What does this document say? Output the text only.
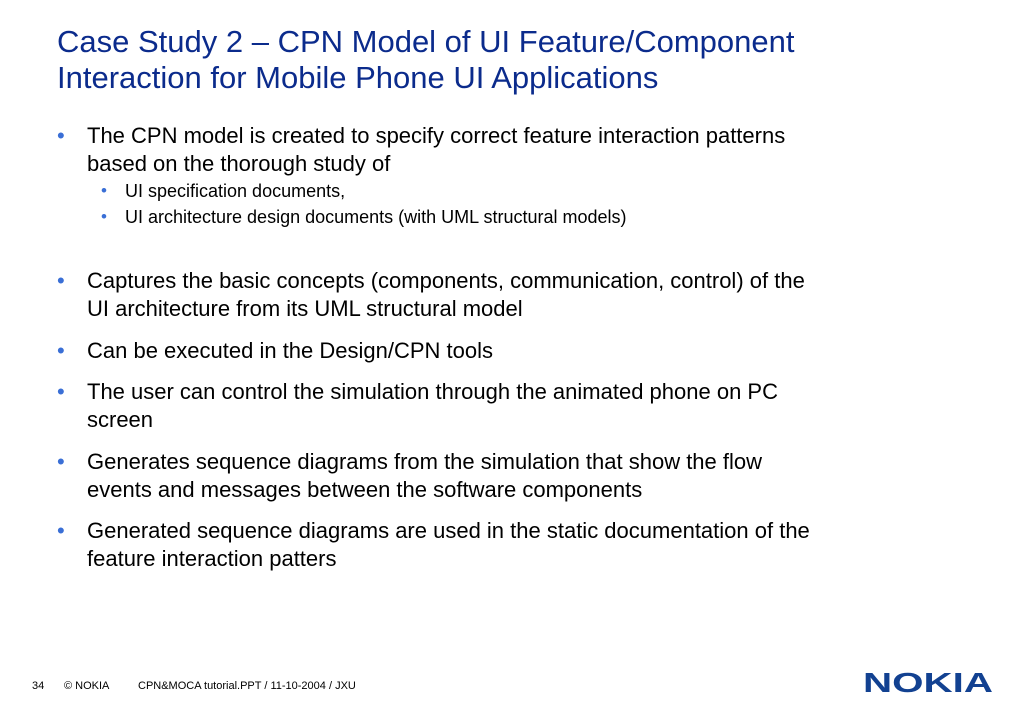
Case Study 2 – CPN Model of UI Feature/Component
Interaction for Mobile Phone UI Applications
•	The CPN model is created to specify correct feature interaction patterns
based on the thorough study of
• UI specification documents,
• UI architecture design documents (with UML structural models)
•	Captures the basic concepts (components, communication, control) of the
UI architecture from its UML structural model
•	Can be executed in the Design/CPN tools
•	The user can control the simulation through the animated phone on PC
screen
•	Generates sequence diagrams from the simulation that show the flow
events and messages between the software components
•	Generated sequence diagrams are used in the static documentation of the
feature interaction patters
34 © NOKIA	CPN&MOCA tutorial.PPT / 11-10-2004 / JXU	NOKIA
